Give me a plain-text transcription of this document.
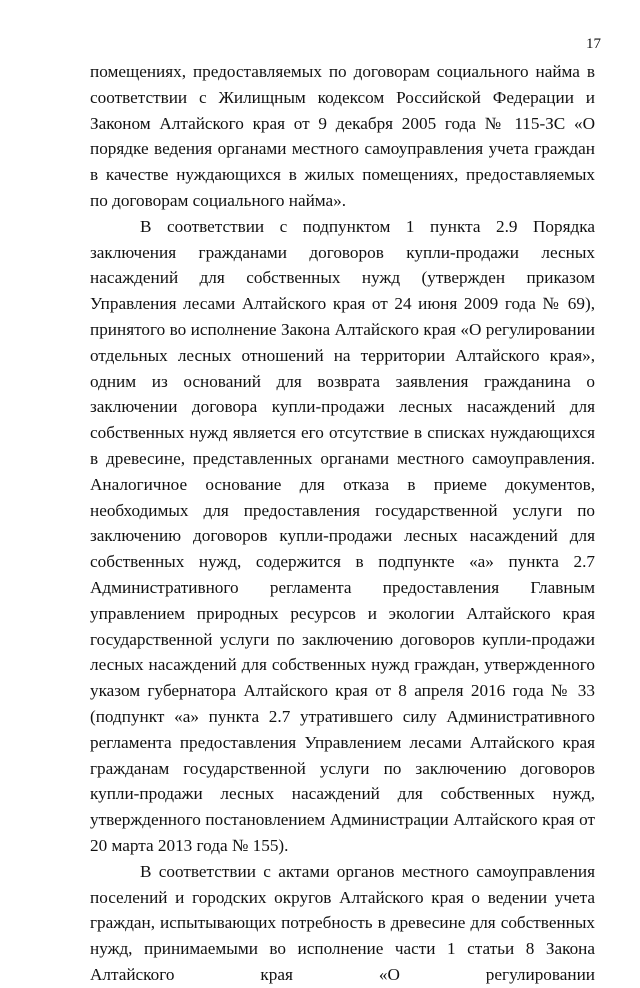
17

помещениях, предоставляемых по договорам социального найма в соответствии с Жилищным кодексом Российской Федерации и Законом Алтайского края от 9 декабря 2005 года № 115-ЗС «О порядке ведения органами местного самоуправления учета граждан в качестве нуждающихся в жилых помещениях, предоставляемых по договорам социального найма».

В соответствии с подпунктом 1 пункта 2.9 Порядка заключения гражданами договоров купли-продажи лесных насаждений для собственных нужд (утвержден приказом Управления лесами Алтайского края от 24 июня 2009 года № 69), принятого во исполнение Закона Алтайского края «О регулировании отдельных лесных отношений на территории Алтайского края», одним из оснований для возврата заявления гражданина о заключении договора купли-продажи лесных насаждений для собственных нужд является его отсутствие в списках нуждающихся в древесине, представленных органами местного самоуправления. Аналогичное основание для отказа в приеме документов, необходимых для предоставления государственной услуги по заключению договоров купли-продажи лесных насаждений для собственных нужд, содержится в подпункте «а» пункта 2.7 Административного регламента предоставления Главным управлением природных ресурсов и экологии Алтайского края государственной услуги по заключению договоров купли-продажи лесных насаждений для собственных нужд граждан, утвержденного указом губернатора Алтайского края от 8 апреля 2016 года № 33 (подпункт «а» пункта 2.7 утратившего силу Административного регламента предоставления Управлением лесами Алтайского края гражданам государственной услуги по заключению договоров купли-продажи лесных насаждений для собственных нужд, утвержденного постановлением Администрации Алтайского края от 20 марта 2013 года № 155).

В соответствии с актами органов местного самоуправления поселений и городских округов Алтайского края о ведении учета граждан, испытывающих потребность в древесине для собственных нужд, принимаемыми во исполнение части 1 статьи 8 Закона Алтайского края «О регулировании
